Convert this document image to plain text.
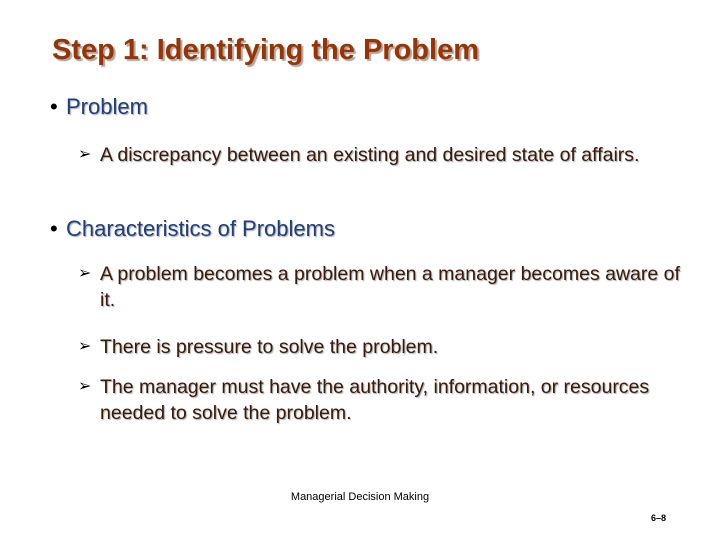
Step 1: Identifying the Problem
• Problem
➢ A discrepancy between an existing and desired state of affairs.
• Characteristics of Problems
➢ A problem becomes a problem when a manager becomes aware of it.
➢ There is pressure to solve the problem.
➢ The manager must have the authority, information, or resources needed to solve the problem.
Managerial Decision Making
6–8
